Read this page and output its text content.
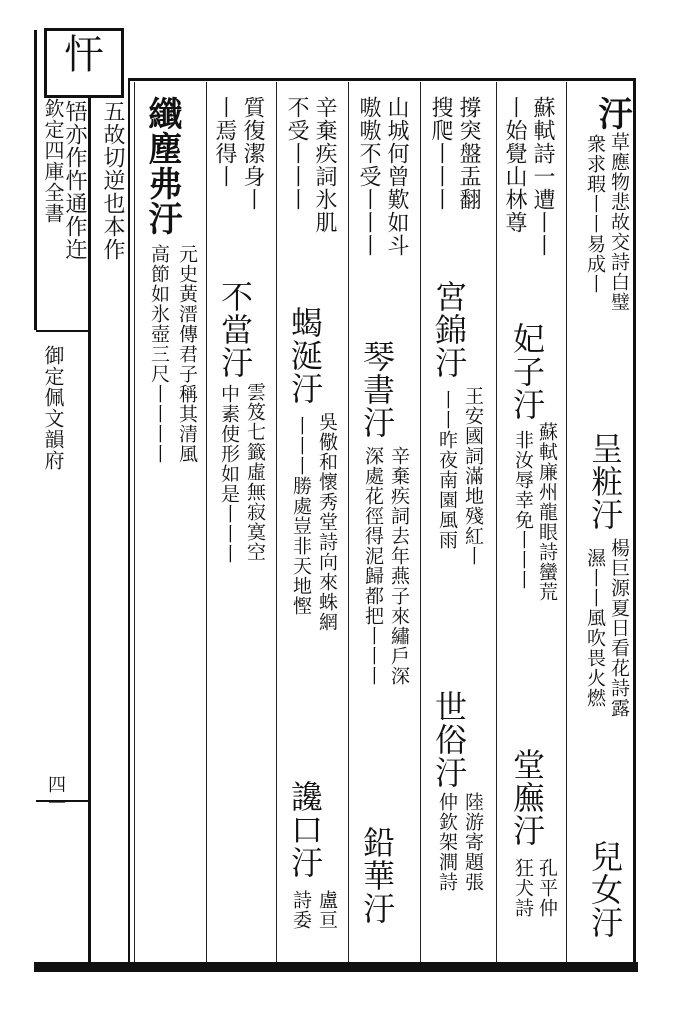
欽定四庫全書
御定佩文韻府
四一
忓
汙
草應物悲故交詩白璧
衆求瑕丨丨易成丨
呈粧汙
楊巨源夏日看花詩露
濕丨丨風吹畏火燃
兒女汙
蘇軾詩一遭丨丨
丨始覺山林尊
妃子汙
蘇軾廉州龍眼詩蠻荒
非汝辱幸免丨丨丨
堂廡汙
孔平仲
狂犬詩
撐突盤盂翻
搜爬丨丨丨
宮錦汙
王安國詞滿地殘紅丨
丨丨昨夜南園風雨
世俗汙
陸游寄題張
仲欽架澗詩
山城何曾歎如斗
嗷嗷不受丨丨丨
琴書汙
辛棄疾詞去年燕子來繡戶深
深處花徑得泥歸都把丨丨丨
鉛華汙
辛棄疾詞氷肌
不受丨丨丨
蝎涎汙
吳儆和懷秀堂詩向來蛛網
丨丨丨勝處豈非天地慳
讒口汙
盧亘
詩委
質復潔身丨
丨焉得丨
不當汙
雲笈七籤虛無寂寞空
中素使形如是丨丨丨
纖塵弗汙
元史黃溍傳君子稱其清風
高節如氷壺三尺丨丨丨丨
五故切逆也本作
啎亦作忤通作迕
